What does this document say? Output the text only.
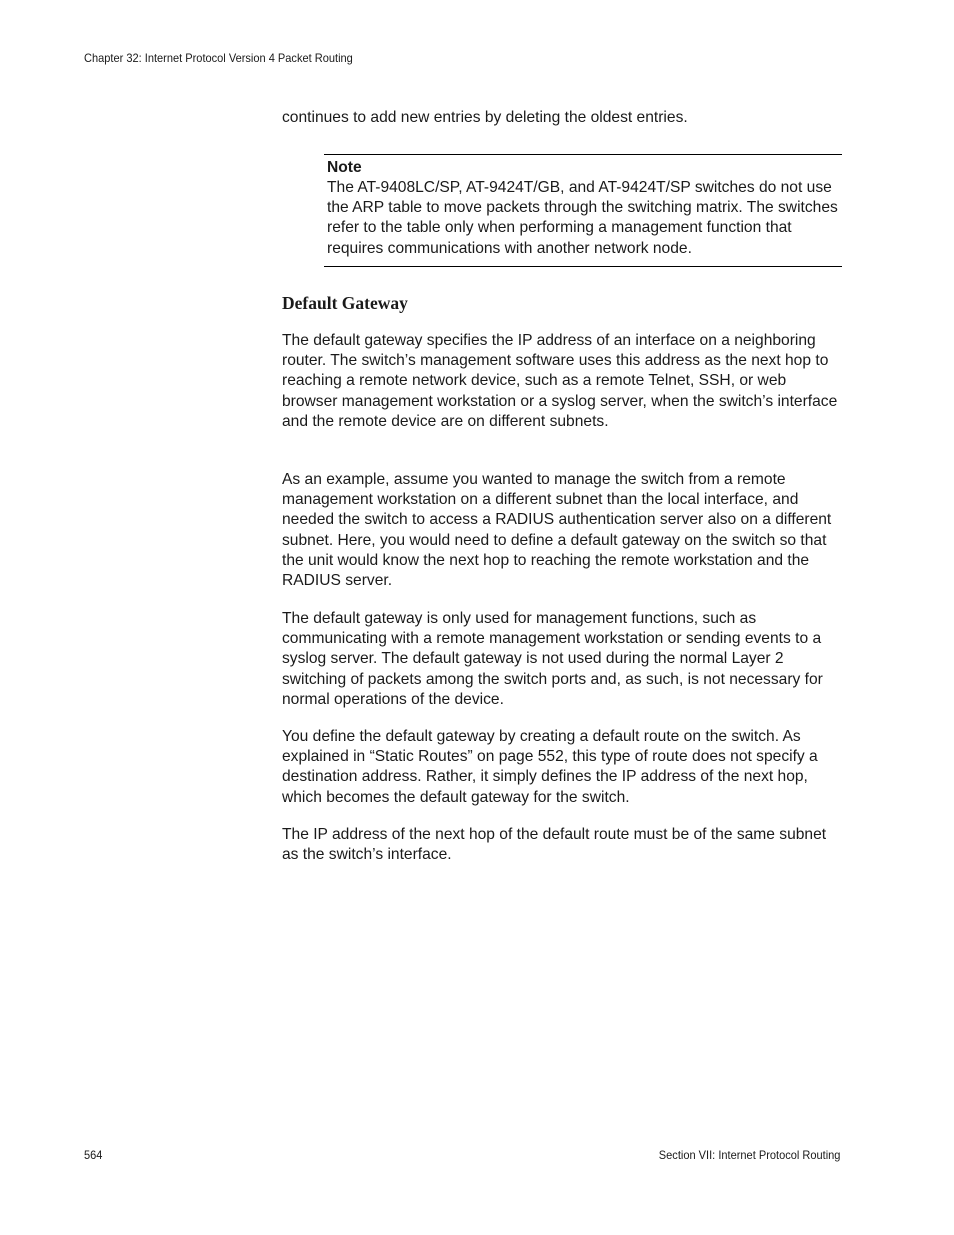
Chapter 32: Internet Protocol Version 4 Packet Routing

continues to add new entries by deleting the oldest entries.

Note

The AT-9408LC/SP, AT-9424T/GB, and AT-9424T/SP switches do not use the ARP table to move packets through the switching matrix. The switches refer to the table only when performing a management function that requires communications with another network node.

Default Gateway

The default gateway specifies the IP address of an interface on a neighboring router. The switch’s management software uses this address as the next hop to reaching a remote network device, such as a remote Telnet, SSH, or web browser management workstation or a syslog server, when the switch’s interface and the remote device are on different subnets.

As an example, assume you wanted to manage the switch from a remote management workstation on a different subnet than the local interface, and needed the switch to access a RADIUS authentication server also on a different subnet. Here, you would need to define a default gateway on the switch so that the unit would know the next hop to reaching the remote workstation and the RADIUS server.

The default gateway is only used for management functions, such as communicating with a remote management workstation or sending events to a syslog server. The default gateway is not used during the normal Layer 2 switching of packets among the switch ports and, as such, is not necessary for normal operations of the device.

You define the default gateway by creating a default route on the switch. As explained in “Static Routes” on page 552, this type of route does not specify a destination address. Rather, it simply defines the IP address of the next hop, which becomes the default gateway for the switch.

The IP address of the next hop of the default route must be of the same subnet as the switch’s interface.

564	Section VII: Internet Protocol Routing
